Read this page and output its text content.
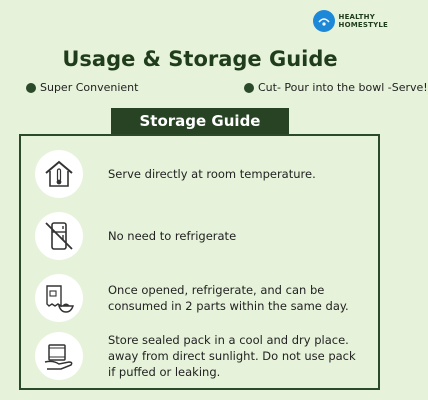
HEALTHY
HOMESTYLE
Usage & Storage Guide
Super Convenient	Cut- Pour into the bowl -Serve!
Storage Guide
Serve directly at room temperature.
No need to refrigerate
Once opened, refrigerate, and can be
consumed in 2 parts within the same day.
Store sealed pack in a cool and dry place.
away from direct sunlight. Do not use pack
if puffed or leaking.
